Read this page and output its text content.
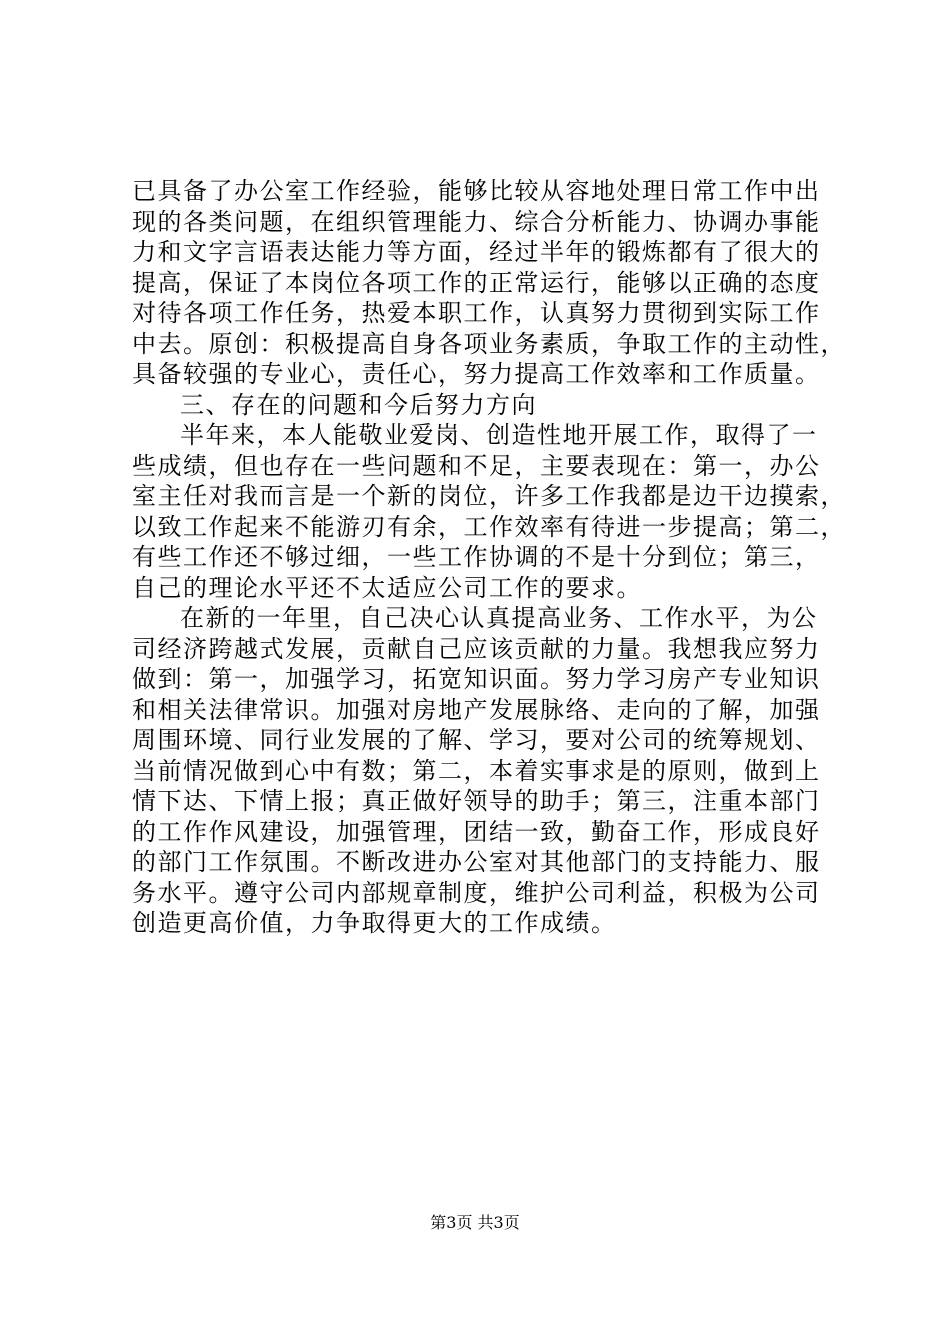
已具备了办公室工作经验，能够比较从容地处理日常工作中出
现的各类问题，在组织管理能力、综合分析能力、协调办事能
力和文字言语表达能力等方面，经过半年的锻炼都有了很大的
提高，保证了本岗位各项工作的正常运行，能够以正确的态度
对待各项工作任务，热爱本职工作，认真努力贯彻到实际工作
中去。原创：积极提高自身各项业务素质，争取工作的主动性，
具备较强的专业心，责任心，努力提高工作效率和工作质量。
三、存在的问题和今后努力方向
半年来，本人能敬业爱岗、创造性地开展工作，取得了一
些成绩，但也存在一些问题和不足，主要表现在：第一，办公
室主任对我而言是一个新的岗位，许多工作我都是边干边摸索，
以致工作起来不能游刃有余，工作效率有待进一步提高；第二，
有些工作还不够过细，一些工作协调的不是十分到位；第三，
自己的理论水平还不太适应公司工作的要求。
在新的一年里，自己决心认真提高业务、工作水平，为公
司经济跨越式发展，贡献自己应该贡献的力量。我想我应努力
做到：第一，加强学习，拓宽知识面。努力学习房产专业知识
和相关法律常识。加强对房地产发展脉络、走向的了解，加强
周围环境、同行业发展的了解、学习，要对公司的统筹规划、
当前情况做到心中有数；第二，本着实事求是的原则，做到上
情下达、下情上报；真正做好领导的助手；第三，注重本部门
的工作作风建设，加强管理，团结一致，勤奋工作，形成良好
的部门工作氛围。不断改进办公室对其他部门的支持能力、服
务水平。遵守公司内部规章制度，维护公司利益，积极为公司
创造更高价值，力争取得更大的工作成绩。
第3页 共3页
